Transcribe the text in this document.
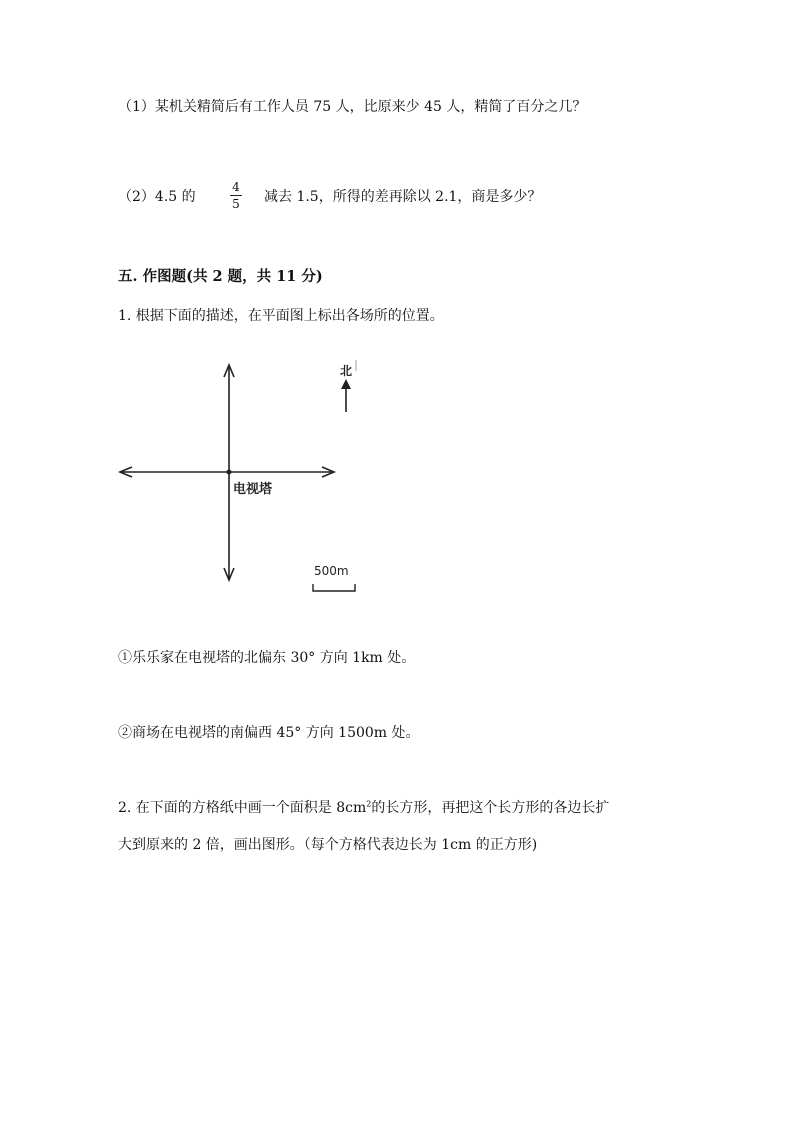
（1）某机关精简后有工作人员 75 人，比原来少 45 人，精简了百分之几？
（2）4.5 的	$\frac{4}{5}$ 减去 1.5，所得的差再除以 2.1，商是多少？
五. 作图题(共 2 题，共 11 分)
1. 根据下面的描述，在平面图上标出各场所的位置。
北
电视塔
500m
①乐乐家在电视塔的北偏东 30° 方向 1km 处。
②商场在电视塔的南偏西 45° 方向 1500m 处。
2. 在下面的方格纸中画一个面积是 $8cm^2$的长方形，再把这个长方形的各边长扩
大到原来的 2 倍，画出图形。（每个方格代表边长为 1cm 的正方形)
